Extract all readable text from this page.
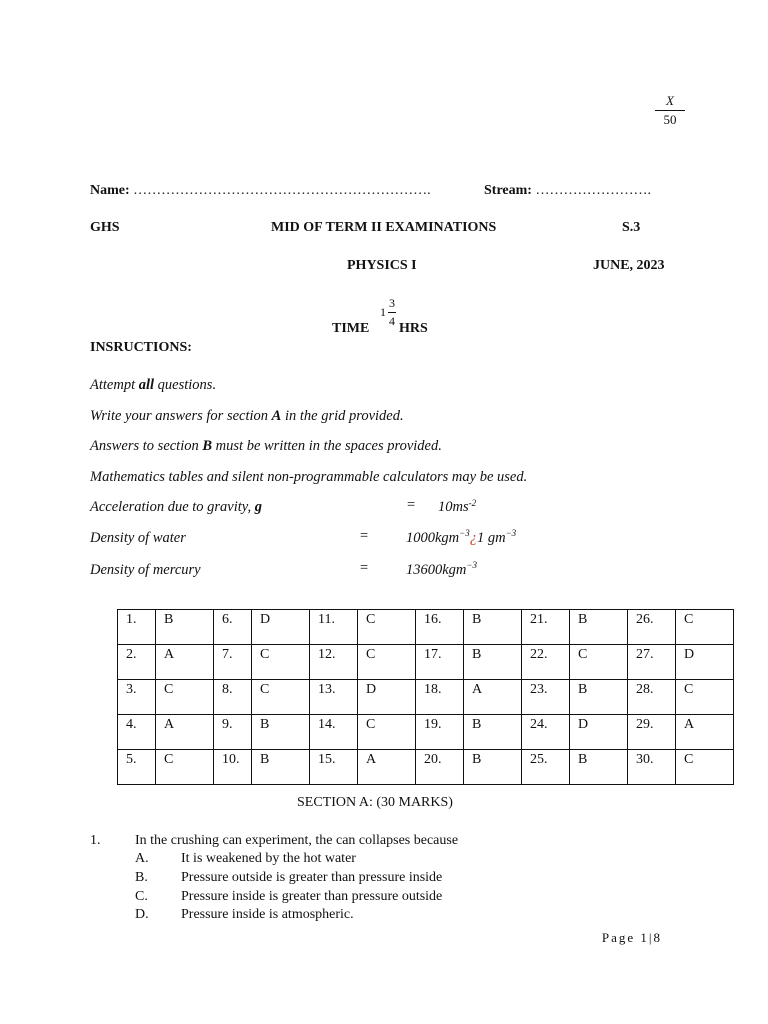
X
50
Name: ……………………………………………………….	Stream: …………………….
GHS	MID OF TERM II EXAMINATIONS	S.3
PHYSICS I	JUNE, 2023
TIME
1
3
4 HRS
INSRUCTIONS:
Attempt all questions.
Write your answers for section A in the grid provided.
Answers to section B must be written in the spaces provided.
Mathematics tables and silent non-programmable calculators may be used.
Acceleration due to gravity, g	= $10ms^{-2}$
Density of water	=	1000kgm$^{-3}$¿1 $gm^{-3}$
Density of mercury	=	13600kgm$^{-3}$
1.	B	6.	D	11.	C	16.	B	21.	B	26.	C
2.	A	7.	C	12.	C	17.	B	22.	C	27.	D
3.	C	8.	C	13.	D	18.	A	23.	B	28.	C
4.	A	9.	B	14.	C	19.	B	24.	D	29.	A
5.	C	10.	B	15.	A	20.	B	25.	B	30.	C
SECTION A: (30 MARKS)
1. In the crushing can experiment, the can collapses because
A. It is weakened by the hot water
B. Pressure outside is greater than pressure inside
C. Pressure inside is greater than pressure outside
D. Pressure inside is atmospheric.
Page 1|8
